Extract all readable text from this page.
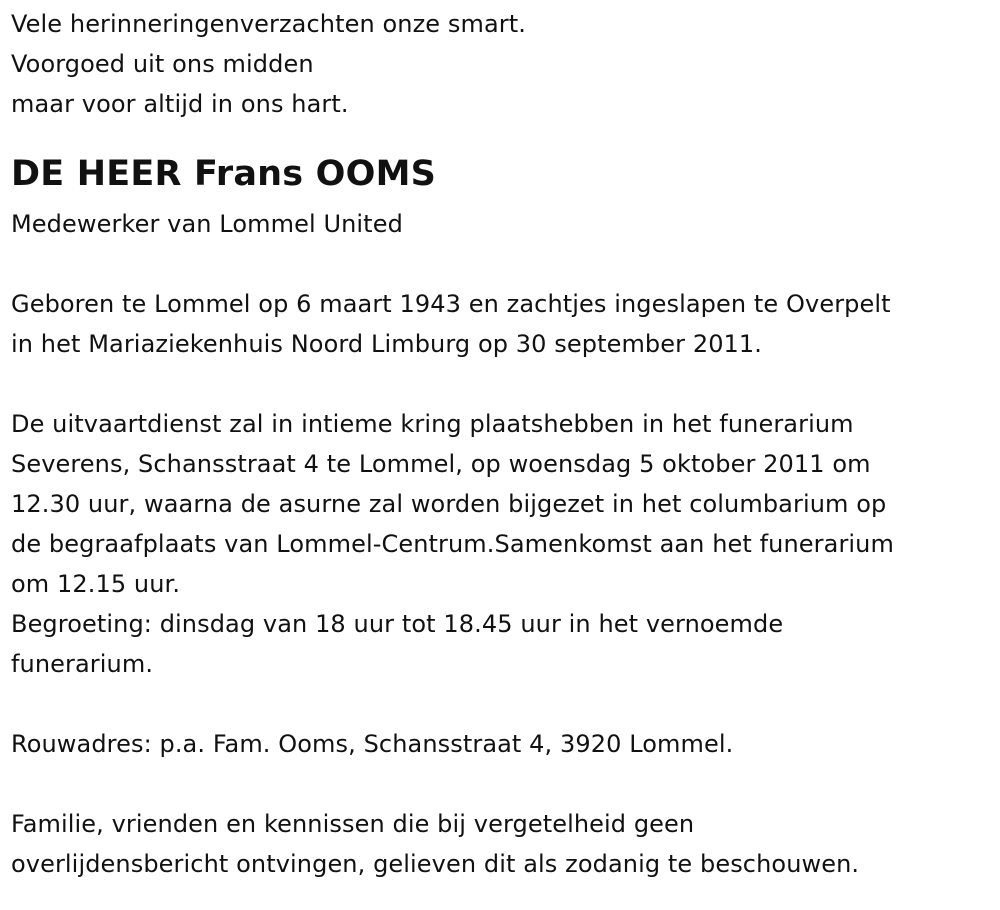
Vele herinneringenverzachten onze smart.
Voorgoed uit ons midden
maar voor altijd in ons hart.
DE HEER Frans OOMS
Medewerker van Lommel United
Geboren te Lommel op 6 maart 1943 en zachtjes ingeslapen te Overpelt
in het Mariaziekenhuis Noord Limburg op 30 september 2011.
De uitvaartdienst zal in intieme kring plaatshebben in het funerarium
Severens, Schansstraat 4 te Lommel, op woensdag 5 oktober 2011 om
12.30 uur, waarna de asurne zal worden bijgezet in het columbarium op
de begraafplaats van Lommel-Centrum.Samenkomst aan het funerarium
om 12.15 uur.
Begroeting: dinsdag van 18 uur tot 18.45 uur in het vernoemde
funerarium.
Rouwadres: p.a. Fam. Ooms, Schansstraat 4, 3920 Lommel.
Familie, vrienden en kennissen die bij vergetelheid geen
overlijdensbericht ontvingen, gelieven dit als zodanig te beschouwen.
